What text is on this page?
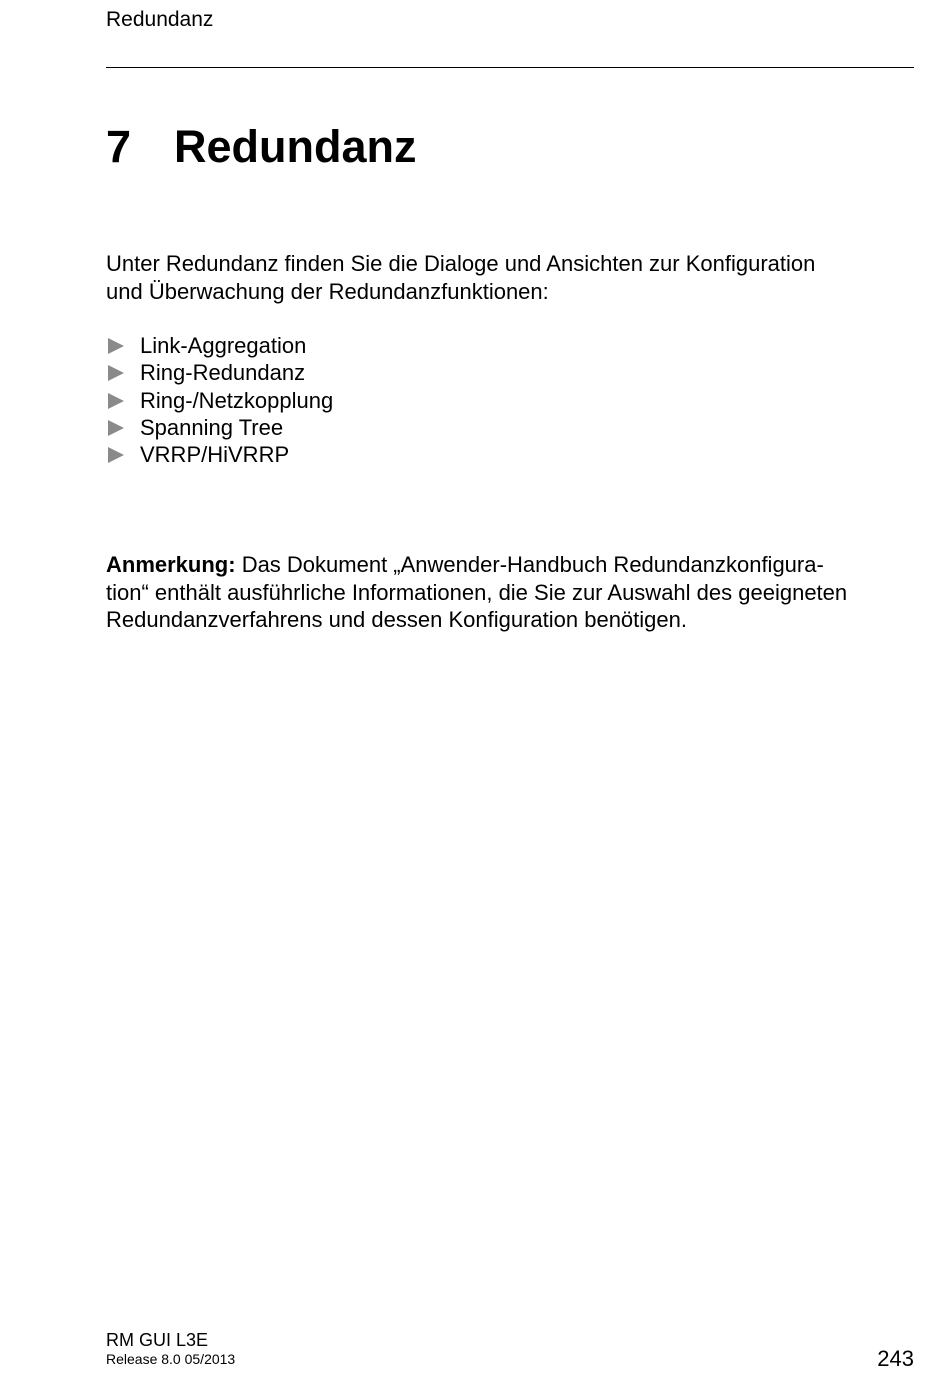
Redundanz
7 Redundanz

Unter Redundanz finden Sie die Dialoge und Ansichten zur Konfiguration
und Überwachung der Redundanzfunktionen:

Link-Aggregation
Ring-Redundanz
Ring-/Netzkopplung
Spanning Tree
VRRP/HiVRRP

Anmerkung: Das Dokument „Anwender-Handbuch Redundanzkonfigura-
tion“ enthält ausführliche Informationen, die Sie zur Auswahl des geeigneten
Redundanzverfahrens und dessen Konfiguration benötigen.

RM GUI L3E
Release 8.0 05/2013	243
